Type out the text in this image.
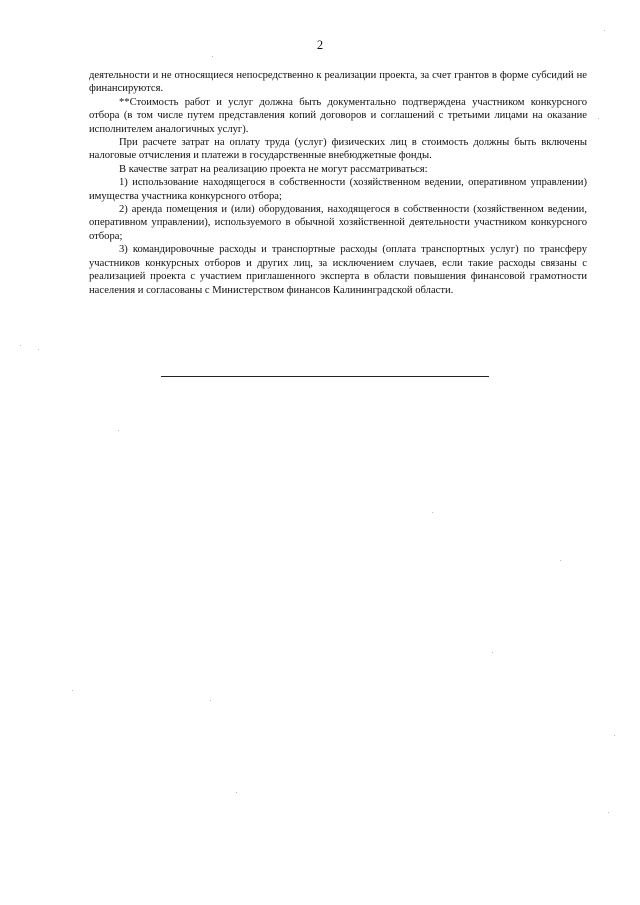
2

деятельности и не относящиеся непосредственно к реализации проекта, за счет грантов в форме субсидий не финансируются.

**Стоимость работ и услуг должна быть документально подтверждена участником конкурсного отбора (в том числе путем представления копий договоров и соглашений с третьими лицами на оказание исполнителем аналогичных услуг).

При расчете затрат на оплату труда (услуг) физических лиц в стоимость должны быть включены налоговые отчисления и платежи в государственные внебюджетные фонды.

В качестве затрат на реализацию проекта не могут рассматриваться:

1) использование находящегося в собственности (хозяйственном ведении, оперативном управлении) имущества участника конкурсного отбора;

2) аренда помещения и (или) оборудования, находящегося в собственности (хозяйственном ведении, оперативном управлении), используемого в обычной хозяйственной деятельности участником конкурсного отбора;

3) командировочные расходы и транспортные расходы (оплата транспортных услуг) по трансферу участников конкурсных отборов и других лиц, за исключением случаев, если такие расходы связаны с реализацией проекта с участием приглашенного эксперта в области повышения финансовой грамотности населения и согласованы с Министерством финансов Калининградской области.
